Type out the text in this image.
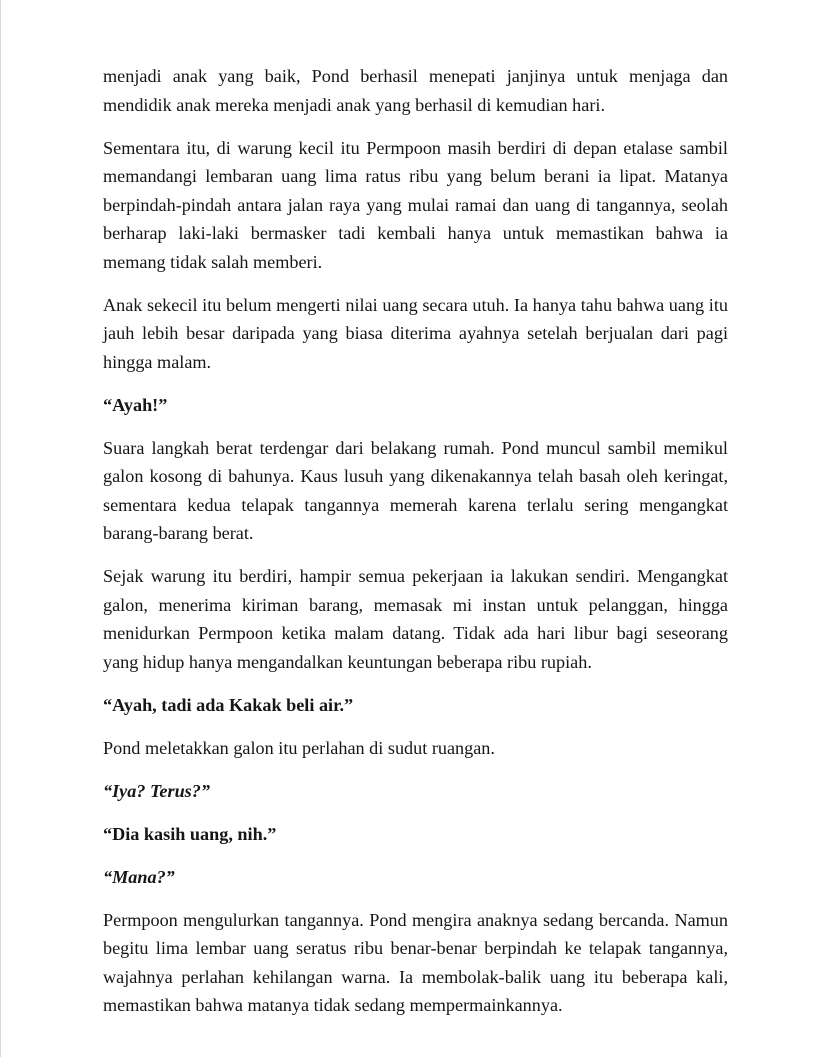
menjadi anak yang baik, Pond berhasil menepati janjinya untuk menjaga dan mendidik anak mereka menjadi anak yang berhasil di kemudian hari.

Sementara itu, di warung kecil itu Permpoon masih berdiri di depan etalase sambil memandangi lembaran uang lima ratus ribu yang belum berani ia lipat. Matanya berpindah-pindah antara jalan raya yang mulai ramai dan uang di tangannya, seolah berharap laki-laki bermasker tadi kembali hanya untuk memastikan bahwa ia memang tidak salah memberi.

Anak sekecil itu belum mengerti nilai uang secara utuh. Ia hanya tahu bahwa uang itu jauh lebih besar daripada yang biasa diterima ayahnya setelah berjualan dari pagi hingga malam.

“Ayah!”

Suara langkah berat terdengar dari belakang rumah. Pond muncul sambil memikul galon kosong di bahunya. Kaus lusuh yang dikenakannya telah basah oleh keringat, sementara kedua telapak tangannya memerah karena terlalu sering mengangkat barang-barang berat.

Sejak warung itu berdiri, hampir semua pekerjaan ia lakukan sendiri. Mengangkat galon, menerima kiriman barang, memasak mi instan untuk pelanggan, hingga menidurkan Permpoon ketika malam datang. Tidak ada hari libur bagi seseorang yang hidup hanya mengandalkan keuntungan beberapa ribu rupiah.

“Ayah, tadi ada Kakak beli air.”

Pond meletakkan galon itu perlahan di sudut ruangan.

“Iya? Terus?”

“Dia kasih uang, nih.”

“Mana?”

Permpoon mengulurkan tangannya. Pond mengira anaknya sedang bercanda. Namun begitu lima lembar uang seratus ribu benar-benar berpindah ke telapak tangannya, wajahnya perlahan kehilangan warna. Ia membolak-balik uang itu beberapa kali, memastikan bahwa matanya tidak sedang mempermainkannya.
